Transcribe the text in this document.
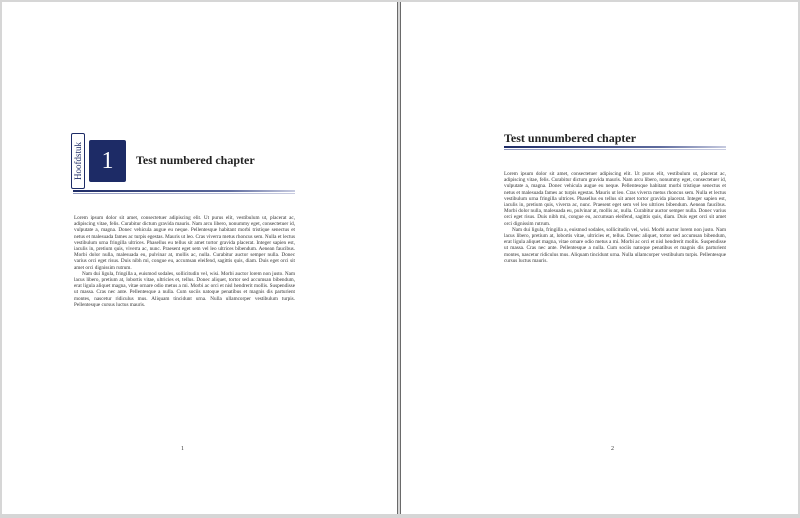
Hoofdstuk 1 Test numbered chapter

Lorem ipsum dolor sit amet, consectetuer adipiscing elit. Ut purus elit, vestibulum ut, placerat ac, adipiscing vitae, felis. Curabitur dictum gravida mauris. Nam arcu libero, nonummy eget, consectetuer id, vulputate a, magna. Donec vehicula augue eu neque. Pellentesque habitant morbi tristique senectus et netus et malesuada fames ac turpis egestas. Mauris ut leo. Cras viverra metus rhoncus sem. Nulla et lectus vestibulum urna fringilla ultrices. Phasellus eu tellus sit amet tortor gravida placerat. Integer sapien est, iaculis in, pretium quis, viverra ac, nunc. Praesent eget sem vel leo ultrices bibendum. Aenean faucibus. Morbi dolor nulla, malesuada eu, pulvinar at, mollis ac, nulla. Curabitur auctor semper nulla. Donec varius orci eget risus. Duis nibh mi, congue eu, accumsan eleifend, sagittis quis, diam. Duis eget orci sit amet orci dignissim rutrum.

Nam dui ligula, fringilla a, euismod sodales, sollicitudin vel, wisi. Morbi auctor lorem non justo. Nam lacus libero, pretium at, lobortis vitae, ultricies et, tellus. Donec aliquet, tortor sed accumsan bibendum, erat ligula aliquet magna, vitae ornare odio metus a mi. Morbi ac orci et nisl hendrerit mollis. Suspendisse ut massa. Cras nec ante. Pellentesque a nulla. Cum sociis natoque penatibus et magnis dis parturient montes, nascetur ridiculus mus. Aliquam tincidunt urna. Nulla ullamcorper vestibulum turpis. Pellentesque cursus luctus mauris.

1
Test unnumbered chapter

Lorem ipsum dolor sit amet, consectetuer adipiscing elit. Ut purus elit, vestibulum ut, placerat ac, adipiscing vitae, felis. Curabitur dictum gravida mauris. Nam arcu libero, nonummy eget, consectetuer id, vulputate a, magna. Donec vehicula augue eu neque. Pellentesque habitant morbi tristique senectus et netus et malesuada fames ac turpis egestas. Mauris ut leo. Cras viverra metus rhoncus sem. Nulla et lectus vestibulum urna fringilla ultrices. Phasellus eu tellus sit amet tortor gravida placerat. Integer sapien est, iaculis in, pretium quis, viverra ac, nunc. Praesent eget sem vel leo ultrices bibendum. Aenean faucibus. Morbi dolor nulla, malesuada eu, pulvinar at, mollis ac, nulla. Curabitur auctor semper nulla. Donec varius orci eget risus. Duis nibh mi, congue eu, accumsan eleifend, sagittis quis, diam. Duis eget orci sit amet orci dignissim rutrum.

Nam dui ligula, fringilla a, euismod sodales, sollicitudin vel, wisi. Morbi auctor lorem non justo. Nam lacus libero, pretium at, lobortis vitae, ultricies et, tellus. Donec aliquet, tortor sed accumsan bibendum, erat ligula aliquet magna, vitae ornare odio metus a mi. Morbi ac orci et nisl hendrerit mollis. Suspendisse ut massa. Cras nec ante. Pellentesque a nulla. Cum sociis natoque penatibus et magnis dis parturient montes, nascetur ridiculus mus. Aliquam tincidunt urna. Nulla ullamcorper vestibulum turpis. Pellentesque cursus luctus mauris.

2
